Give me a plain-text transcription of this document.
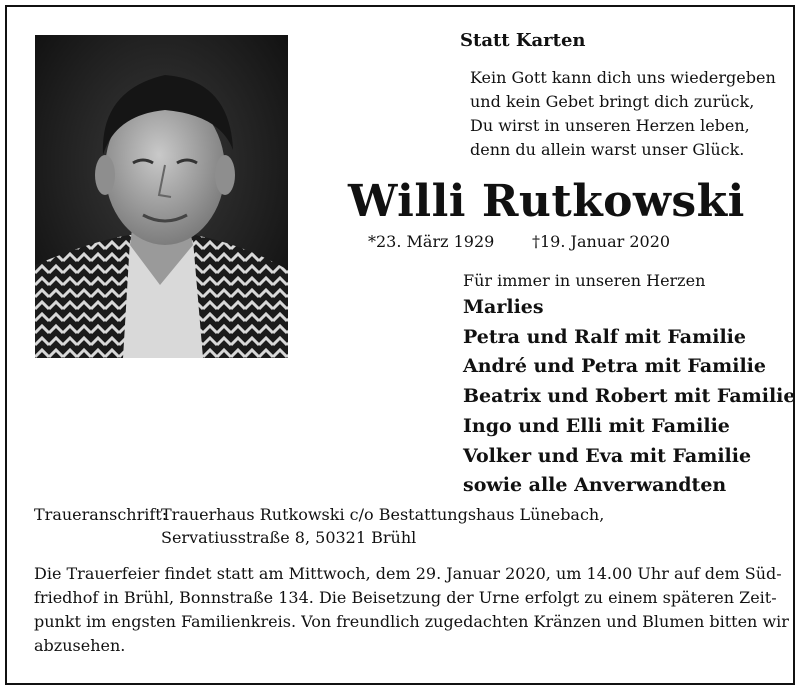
Statt Karten
Kein Gott kann dich uns wiedergeben
und kein Gebet bringt dich zurück,
Du wirst in unseren Herzen leben,
denn du allein warst unser Glück.
Willi Rutkowski
*23. März 1929 †19. Januar 2020
Für immer in unseren Herzen
Marlies
Petra und Ralf mit Familie
André und Petra mit Familie
Beatrix und Robert mit Familie
Ingo und Elli mit Familie
Volker und Eva mit Familie
sowie alle Anverwandten
Traueranschrift:
Trauerhaus Rutkowski c/o Bestattungshaus Lünebach,
Servatiusstraße 8, 50321 Brühl
Die Trauerfeier findet statt am Mittwoch, dem 29. Januar 2020, um 14.00 Uhr auf dem Süd-
friedhof in Brühl, Bonnstraße 134. Die Beisetzung der Urne erfolgt zu einem späteren Zeit-
punkt im engsten Familienkreis. Von freundlich zugedachten Kränzen und Blumen bitten wir
abzusehen.
